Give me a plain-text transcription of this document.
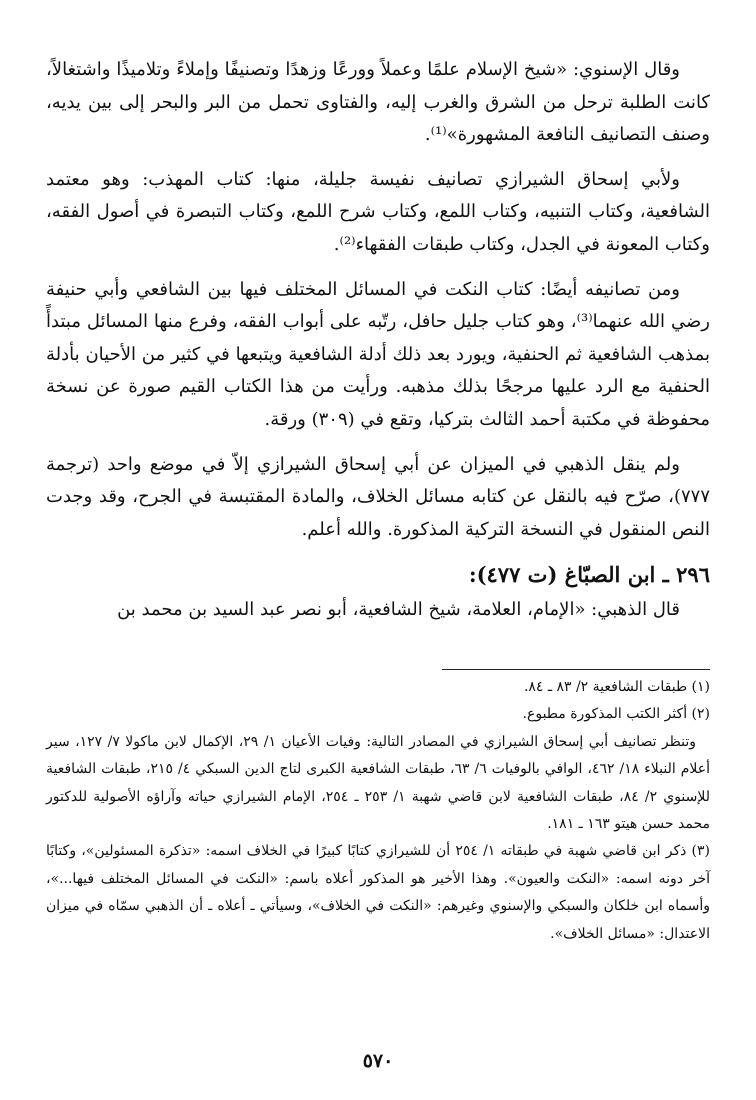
وقال الإسنوي: «شيخ الإسلام علمًا وعملاً وورعًا وزهدًا وتصنيفًا وإملاءً وتلاميذًا واشتغالاً، كانت الطلبة ترحل من الشرق والغرب إليه، والفتاوى تحمل من البر والبحر إلى بين يديه، وصنف التصانيف النافعة المشهورة»⁽¹⁾.

ولأبي إسحاق الشيرازي تصانيف نفيسة جليلة، منها: كتاب المهذب: وهو معتمد الشافعية، وكتاب التنبيه، وكتاب اللمع، وكتاب شرح اللمع، وكتاب التبصرة في أصول الفقه، وكتاب المعونة في الجدل، وكتاب طبقات الفقهاء⁽²⁾.

ومن تصانيفه أيضًا: كتاب النكت في المسائل المختلف فيها بين الشافعي وأبي حنيفة رضي الله عنهما⁽³⁾، وهو كتاب جليل حافل، رتّبه على أبواب الفقه، وفرع منها المسائل مبتدأً بمذهب الشافعية ثم الحنفية، ويورد بعد ذلك أدلة الشافعية ويتبعها في كثير من الأحيان بأدلة الحنفية مع الرد عليها مرجحًا بذلك مذهبه. ورأيت من هذا الكتاب القيم صورة عن نسخة محفوظة في مكتبة أحمد الثالث بتركيا، وتقع في (٣٠٩) ورقة.

ولم ينقل الذهبي في الميزان عن أبي إسحاق الشيرازي إلاّ في موضع واحد (ترجمة ٧٧٧)، صرّح فيه بالنقل عن كتابه مسائل الخلاف، والمادة المقتبسة في الجرح، وقد وجدت النص المنقول في النسخة التركية المذكورة. والله أعلم.

٢٩٦ ـ ابن الصبّاغ (ت ٤٧٧):

قال الذهبي: «الإمام، العلامة، شيخ الشافعية، أبو نصر عبد السيد بن محمد بن

(١) طبقات الشافعية ٢/ ٨٣ ـ ٨٤.

(٢) أكثر الكتب المذكورة مطبوع.

وتنظر تصانيف أبي إسحاق الشيرازي في المصادر التالية: وفيات الأعيان ١/ ٢٩، الإكمال لابن ماكولا ٧/ ١٢٧، سير أعلام النبلاء ١٨/ ٤٦٢، الوافي بالوفيات ٦/ ٦٣، طبقات الشافعية الكبرى لتاج الدين السبكي ٤/ ٢١٥، طبقات الشافعية للإسنوي ٢/ ٨٤، طبقات الشافعية لابن قاضي شهبة ١/ ٢٥٣ ـ ٢٥٤، الإمام الشيرازي حياته وآراؤه الأصولية للدكتور محمد حسن هيتو ١٦٣ ـ ١٨١.

(٣) ذكر ابن قاضي شهبة في طبقاته ١/ ٢٥٤ أن للشيرازي كتابًا كبيرًا في الخلاف اسمه: «تذكرة المسئولين»، وكتابًا آخر دونه اسمه: «النكت والعيون». وهذا الأخير هو المذكور أعلاه باسم: «النكت في المسائل المختلف فيها...»، وأسماه ابن خلكان والسبكي والإسنوي وغيرهم: «النكت في الخلاف»، وسيأتي ـ أعلاه ـ أن الذهبي سمّاه في ميزان الاعتدال: «مسائل الخلاف».

٥٧٠
